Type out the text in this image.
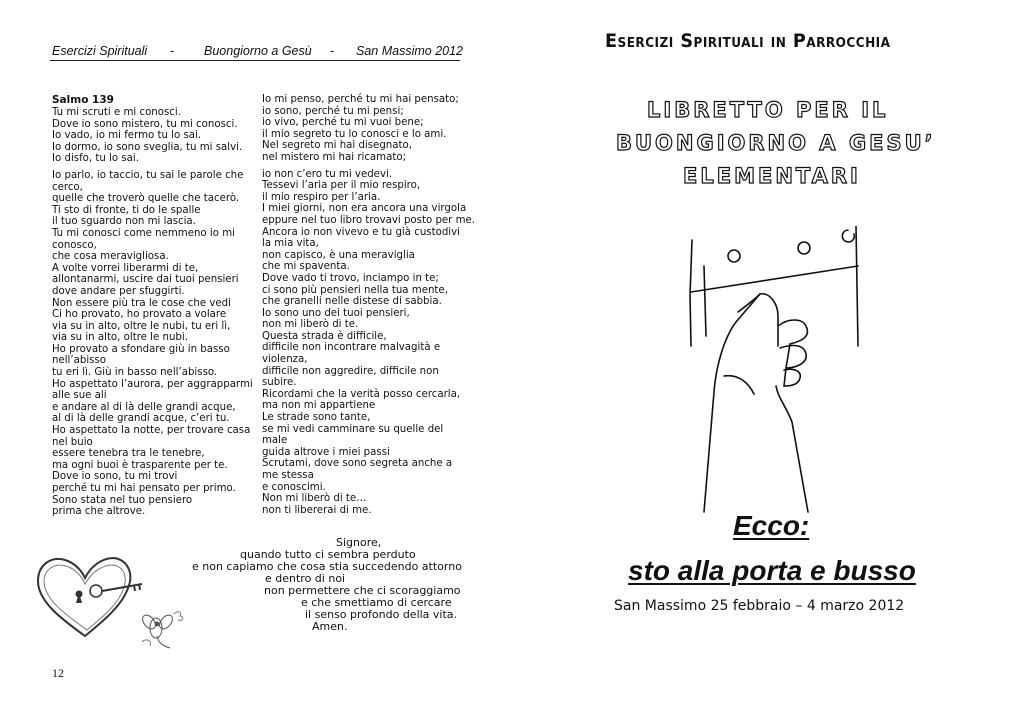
Esercizi Spirituali - Buongiorno a Gesù - San Massimo 2012
Salmo 139
Tu mi scruti e mi conosci.
Dove io sono mistero, tu mi conosci.
Io vado, io mi fermo tu lo sai.
Io dormo, io sono sveglia, tu mi salvi.
Io disfo, tu lo sai.
Io parlo, io taccio, tu sai le parole che
cerco,
quelle che troverò quelle che tacerò.
Ti sto di fronte, ti do le spalle
il tuo sguardo non mi lascia.
Tu mi conosci come nemmeno io mi
conosco,
che cosa meravigliosa.
A volte vorrei liberarmi di te,
allontanarmi, uscire dai tuoi pensieri
dove andare per sfuggirti.
Non essere più tra le cose che vedi
Ci ho provato, ho provato a volare
via su in alto, oltre le nubi, tu eri lì,
via su in alto, oltre le nubi.
Ho provato a sfondare giù in basso
nell’abisso
tu eri lì. Giù in basso nell’abisso.
Ho aspettato l’aurora, per aggrapparmi
alle sue ali
e andare al di là delle grandi acque,
al di là delle grandi acque, c’eri tu.
Ho aspettato la notte, per trovare casa
nel buio
essere tenebra tra le tenebre,
ma ogni buoi è trasparente per te.
Dove io sono, tu mi trovi
perché tu mi hai pensato per primo.
Sono stata nel tuo pensiero
prima che altrove.
Io mi penso, perché tu mi hai pensato;
io sono, perché tu mi pensi;
io vivo, perché tu mi vuoi bene;
il mio segreto tu lo conosci e lo ami.
Nel segreto mi hai disegnato,
nel mistero mi hai ricamato;
io non c’ero tu mi vedevi.
Tessevi l’aria per il mio respiro,
il mio respiro per l’aria.
I miei giorni, non era ancora una virgola
eppure nel tuo libro trovavi posto per me.
Ancora io non vivevo e tu già custodivi
la mia vita,
non capisco, è una meraviglia
che mi spaventa.
Dove vado ti trovo, inciampo in te;
ci sono più pensieri nella tua mente,
che granelli nelle distese di sabbia.
Io sono uno dei tuoi pensieri,
non mi liberò di te.
Questa strada è difficile,
difficile non incontrare malvagità e
violenza,
difficile non aggredire, difficile non
subire.
Ricordami che la verità posso cercarla,
ma non mi appartiene
Le strade sono tante,
se mi vedi camminare su quelle del
male
guida altrove i miei passi
Scrutami, dove sono segreta anche a
me stessa
e conoscimi.
Non mi liberò di te…
non ti libererai di me.
Signore,
quando tutto ci sembra perduto
e non capiamo che cosa stia succedendo attorno
e dentro di noi
non permettere che ci scoraggiamo
e che smettiamo di cercare
il senso profondo della vita.
Amen.
12
Esercizi Spirituali in Parrocchia
LIBRETTO PER IL
BUONGIORNO A GESU’
ELEMENTARI
Ecco:
sto alla porta e busso
San Massimo 25 febbraio – 4 marzo 2012
